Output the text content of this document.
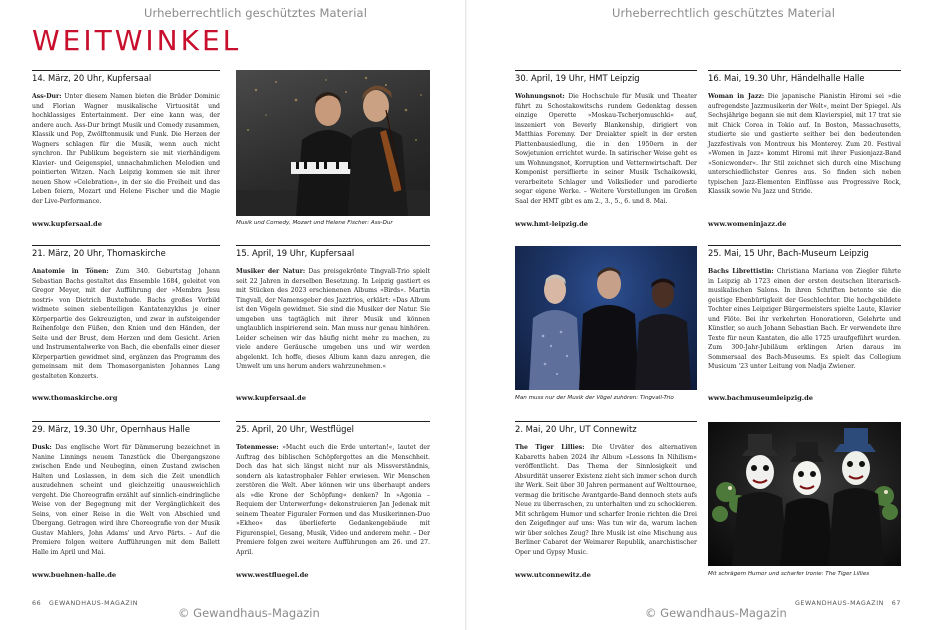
Urheberrechtlich geschütztes Material	Urheberrechtlich geschütztes Material
WEITWINKEL
14. März, 20 Uhr, Kupfersaal

Ass-Dur: Unter diesem Namen bieten die Brüder Dominic und Florian Wagner musikalische Virtuosität und hochklassiges Entertainment. Der eine kann was, der andere auch. Ass-Dur bringt Musik und Comedy zusammen, Klassik und Pop, Zwölftonmusik und Funk. Die Herzen der Wagners schlagen für die Musik, wenn auch nicht synchron. Ihr Publikum begeistern sie mit vierhändigem Klavier- und Geigenspiel, unnachahmlichen Melodien und pointierten Witzen. Nach Leipzig kommen sie mit ihrer neuen Show »Celebration«, in der sie die Freiheit und das Leben feiern, Mozart und Helene Fischer und die Magie der Live-Performance.

www.kupfersaal.de	Musik und Comedy, Mozart und Helene Fischer: Ass-Dur
21. März, 20 Uhr, Thomaskirche

Anatomie in Tönen: Zum 340. Geburtstag Johann Sebastian Bachs gestaltet das Ensemble 1684, geleitet von Gregor Meyer, mit der Aufführung der »Membra Jesu nostri« von Dietrich Buxtehude. Bachs großes Vorbild widmete seinen siebenteiligen Kantatenzyklus je einer Körperpartie des Gekreuzigten, und zwar in aufsteigender Reihenfolge den Füßen, den Knien und den Händen, der Seite und der Brust, dem Herzen und dem Gesicht. Arien und Instrumentalwerke von Bach, die ebenfalls einer dieser Körperpartien gewidmet sind, ergänzen das Programm des gemeinsam mit dem Thomasorganisten Johannes Lang gestalteten Konzerts.

www.thomaskirche.org
15. April, 19 Uhr, Kupfersaal

Musiker der Natur: Das preisgekrönte Tingvall-Trio spielt seit 22 Jahren in derselben Besetzung. In Leipzig gastiert es mit Stücken des 2023 erschienenen Albums »Birds«. Martin Tingvall, der Namensgeber des Jazztrios, erklärt: »Das Album ist den Vögeln gewidmet. Sie sind die Musiker der Natur. Sie umgeben uns tagtäglich mit ihrer Musik und können unglaublich inspirierend sein. Man muss nur genau hinhören. Leider scheinen wir das häufig nicht mehr zu machen, zu viele andere Geräusche umgeben uns und wir werden abgelenkt. Ich hoffe, dieses Album kann dazu anregen, die Umwelt um uns herum anders wahrzunehmen.«

www.kupfersaal.de
29. März, 19.30 Uhr, Opernhaus Halle

Dusk: Das englische Wort für Dämmerung bezeichnet in Nanine Linnings neuem Tanzstück die Übergangszone zwischen Ende und Neubeginn, einen Zustand zwischen Halten und Loslassen, in dem sich die Zeit unendlich auszudehnen scheint und gleichzeitig unausweichlich vergeht. Die Choreografin erzählt auf sinnlich-eindringliche Weise von der Begegnung mit der Vergänglichkeit des Seins, von einer Reise in die Welt von Abschied und Übergang. Getragen wird ihre Choreografie von der Musik Gustav Mahlers, John Adams' und Arvo Pärts. – Auf die Premiere folgen weitere Aufführungen mit dem Ballett Halle im April und Mai.

www.buehnen-halle.de
25. April, 20 Uhr, Westflügel

Totenmesse: »Macht euch die Erde untertan!«, lautet der Auftrag des biblischen Schöpfergottes an die Menschheit. Doch das hat sich längst nicht nur als Missverständnis, sondern als katastrophaler Fehler erwiesen. Wir Menschen zerstören die Welt. Aber können wir uns überhaupt anders als »die Krone der Schöpfung« denken? In »Agonia – Requiem der Unterwerfung« dekonstruieren Jan Jedenak mit seinem Theater Figuraler Formen und das Musikerinnen-Duo »Ekheo« das überlieferte Gedankengebäude mit Figurenspiel, Gesang, Musik, Video und anderem mehr. – Der Premiere folgen zwei weitere Aufführungen am 26. und 27. April.

www.westfluegel.de
66 GEWANDHAUS-MAGAZIN
© Gewandhaus-Magazin
30. April, 19 Uhr, HMT Leipzig

Wohnungsnot: Die Hochschule für Musik und Theater führt zu Schostakowitschs rundem Gedenktag dessen einzige Operette »Moskau-Tscherjomuschki« auf, inszeniert von Beverly Blankenship, dirigiert von Matthias Foremny. Der Dreiakter spielt in der ersten Plattenbausiedlung, die in den 1950ern in der Sowjetunion errichtet wurde. In satirischer Weise geht es um Wohnungsnot, Korruption und Vetternwirtschaft. Der Komponist persiflierte in seiner Musik Tschaikowski, verarbeitete Schlager und Volkslieder und parodierte sogar eigene Werke. – Weitere Vorstellungen im Großen Saal der HMT gibt es am 2., 3., 5., 6. und 8. Mai.

www.hmt-leipzig.de
16. Mai, 19.30 Uhr, Händelhalle Halle

Woman in Jazz: Die japanische Pianistin Hiromi sei »die aufregendste Jazzmusikerin der Welt«, meint Der Spiegel. Als Sechsjährige begann sie mit dem Klavierspiel, mit 17 trat sie mit Chick Corea in Tokio auf. In Boston, Massachusetts, studierte sie und gastierte seither bei den bedeutenden Jazzfestivals von Montreux bis Monterey. Zum 20. Festival »Women in Jazz« kommt Hiromi mit ihrer Fusionjazz-Band »Sonicwonder«. Ihr Stil zeichnet sich durch eine Mischung unterschiedlichster Genres aus. So finden sich neben typischen Jazz-Elementen Einflüsse aus Progressive Rock, Klassik sowie Nu Jazz und Stride.

www.womeninjazz.de
Man muss nur der Musik der Vögel zuhören: Tingvall-Trio
25. Mai, 15 Uhr, Bach-Museum Leipzig

Bachs Librettistin: Christiana Mariana von Ziegler führte in Leipzig ab 1723 einen der ersten deutschen literarisch-musikalischen Salons. In ihren Schriften betonte sie die geistige Ebenbürtigkeit der Geschlechter. Die hochgebildete Tochter eines Leipziger Bürgermeisters spielte Laute, Klavier und Flöte. Bei ihr verkehrten Honoratioren, Gelehrte und Künstler, so auch Johann Sebastian Bach. Er verwendete ihre Texte für neun Kantaten, die alle 1725 uraufgeführt wurden. Zum 300-Jahr-Jubiläum erklingen Arien daraus im Sommersaal des Bach-Museums. Es spielt das Collegium Musicum '23 unter Leitung von Nadja Zwiener.

www.bachmuseumleipzig.de
2. Mai, 20 Uhr, UT Connewitz

The Tiger Lillies: Die Urväter des alternativen Kabaretts haben 2024 ihr Album »Lessons In Nihilism« veröffentlicht. Das Thema der Sinnlosigkeit und Absurdität unserer Existenz zieht sich immer schon durch ihr Werk. Seit über 30 Jahren permanent auf Welttournee, vermag die britische Avantgarde-Band dennoch stets aufs Neue zu überraschen, zu unterhalten und zu schockieren. Mit schrägem Humor und scharfer Ironie richten die Drei den Zeigefinger auf uns: Was tun wir da, warum lachen wir über solches Zeug? Ihre Musik ist eine Mischung aus Berliner Cabaret der Weimarer Republik, anarchistischer Oper und Gypsy Music.

www.utconnewitz.de	Mit schrägem Humor und scharfer Ironie: The Tiger Lillies
GEWANDHAUS-MAGAZIN 67
© Gewandhaus-Magazin
